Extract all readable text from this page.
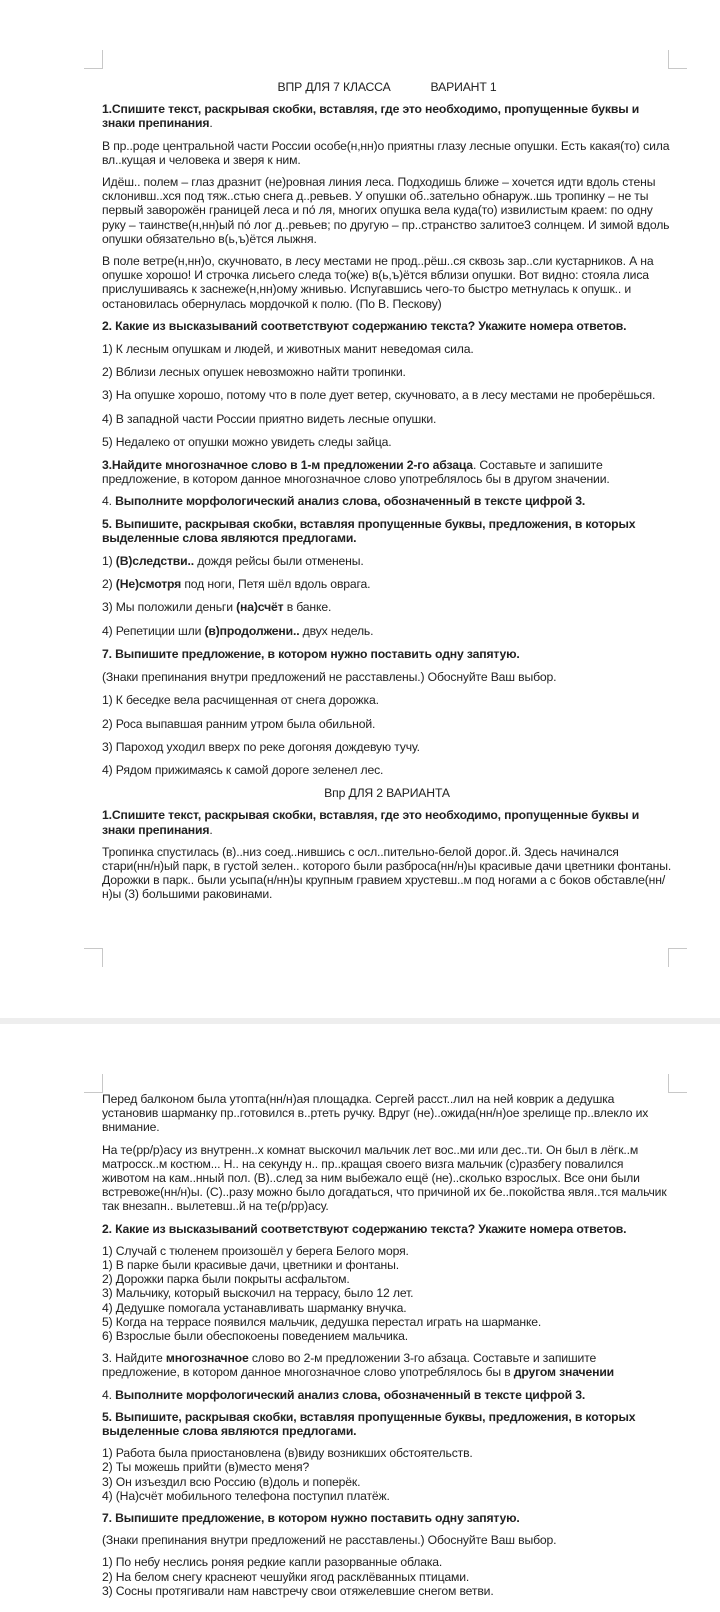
ВПР ДЛЯ 7 КЛАССА	ВАРИАНТ 1

1.Спишите текст, раскрывая скобки, вставляя, где это необходимо, пропущенные буквы и знаки препинания.

В пр..роде центральной части России особе(н,нн)о приятны глазу лесные опушки. Есть какая(то) сила вл..кущая и человека и зверя к ним.

Идёш.. полем – глаз дразнит (не)ровная линия леса. Подходишь ближе – хочется идти вдоль стены склонивш..хся под тяж..стью снега д..ревьев. У опушки об..зательно обнаруж..шь тропинку – не ты первый заворожён границей леса и по́ ля, многих опушка вела куда(то) извилистым краем: по одну руку – таинстве(н,нн)ый по́ лог д..ревьев; по другую – пр..странство залитое3 солнцем. И зимой вдоль опушки обязательно в(ь,ъ)ётся лыжня.

В поле ветре(н,нн)о, скучновато, в лесу местами не прод..рёш..ся сквозь зар..сли кустарников. А на опушке хорошо! И строчка лисьего следа то(же) в(ь,ъ)ётся вблизи опушки. Вот видно: стояла лиса прислушиваясь к заснеже(н,нн)ому жнивью. Испугавшись чего-то быстро метнулась к опушк.. и остановилась обернулась мордочкой к полю. (По В. Пескову)

2. Какие из высказываний соответствуют содержанию текста? Укажите номера ответов.

1) К лесным опушкам и людей, и животных манит неведомая сила.

2) Вблизи лесных опушек невозможно найти тропинки.

3) На опушке хорошо, потому что в поле дует ветер, скучновато, а в лесу местами не проберёшься.

4) В западной части России приятно видеть лесные опушки.

5) Недалеко от опушки можно увидеть следы зайца.

3.Найдите многозначное слово в 1-м предложении 2-го абзаца. Составьте и запишите предложение, в котором данное многозначное слово употреблялось бы в другом значении.

4. Выполните морфологический анализ слова, обозначенный в тексте цифрой 3.

5. Выпишите, раскрывая скобки, вставляя пропущенные буквы, предложения, в которых выделенные слова являются предлогами.

1) (В)следстви.. дождя рейсы были отменены.

2) (Не)смотря под ноги, Петя шёл вдоль оврага.

3) Мы положили деньги (на)счёт в банке.

4) Репетиции шли (в)продолжени.. двух недель.

7. Выпишите предложение, в котором нужно поставить одну запятую.

(Знаки препинания внутри предложений не расставлены.) Обоснуйте Ваш выбор.

1) К беседке вела расчищенная от снега дорожка.

2) Роса выпавшая ранним утром была обильной.

3) Пароход уходил вверх по реке догоняя дождевую тучу.

4) Рядом прижимаясь к самой дороге зеленел лес.

Впр ДЛЯ 2 ВАРИАНТА

1.Спишите текст, раскрывая скобки, вставляя, где это необходимо, пропущенные буквы и знаки препинания.

Тропинка спустилась (в)..низ соед..нившись с осл..пительно-белой дорог..й. Здесь начинался стари(нн/н)ый парк, в густой зелен.. которого были разброса(нн/н)ы красивые дачи цветники фонтаны. Дорожки в парк.. были усыпа(н/нн)ы крупным гравием хрустевш..м под ногами а с боков обставле(нн/н)ы (3) большими раковинами.

Перед балконом была утопта(нн/н)ая площадка. Сергей расст..лил на ней коврик а дедушка установив шарманку пр..готовился в..ртеть ручку. Вдруг (не)..ожида(нн/н)ое зрелище пр..влекло их внимание.

На те(рр/р)асу из внутренн..х комнат выскочил мальчик лет вос..ми или дес..ти. Он был в лёгк..м матросск..м костюм... Н.. на секунду н.. пр..кращая своего визга мальчик (с)разбегу повалился животом на кам..нный пол. (В)..след за ним выбежало ещё (не)..сколько взрослых. Все они были встревоже(нн/н)ы. (С)..разу можно было догадаться, что причиной их бе..покойства явля..тся мальчик так внезапн.. вылетевш..й на те(р/рр)асу.

2. Какие из высказываний соответствуют содержанию текста? Укажите номера ответов.

1) Случай с тюленем произошёл у берега Белого моря.

1) В парке были красивые дачи, цветники и фонтаны.

2) Дорожки парка были покрыты асфальтом.

3) Мальчику, который выскочил на террасу, было 12 лет.

4) Дедушке помогала устанавливать шарманку внучка.

5) Когда на террасе появился мальчик, дедушка перестал играть на шарманке.

6) Взрослые были обеспокоены поведением мальчика.

3. Найдите многозначное слово во 2-м предложении 3-го абзаца. Составьте и запишите предложение, в котором данное многозначное слово употреблялось бы в другом значении

4. Выполните морфологический анализ слова, обозначенный в тексте цифрой 3.

5. Выпишите, раскрывая скобки, вставляя пропущенные буквы, предложения, в которых выделенные слова являются предлогами.

1) Работа была приостановлена (в)виду возникших обстоятельств.

2) Ты можешь прийти (в)место меня?

3) Он изъездил всю Россию (в)доль и поперёк.

4) (На)счёт мобильного телефона поступил платёж.

7. Выпишите предложение, в котором нужно поставить одну запятую.

(Знаки препинания внутри предложений не расставлены.) Обоснуйте Ваш выбор.

1) По небу неслись роняя редкие капли разорванные облака.

2) На белом снегу краснеют чешуйки ягод расклёванных птицами.

3) Сосны протягивали нам навстречу свои отяжелевшие снегом ветви.
